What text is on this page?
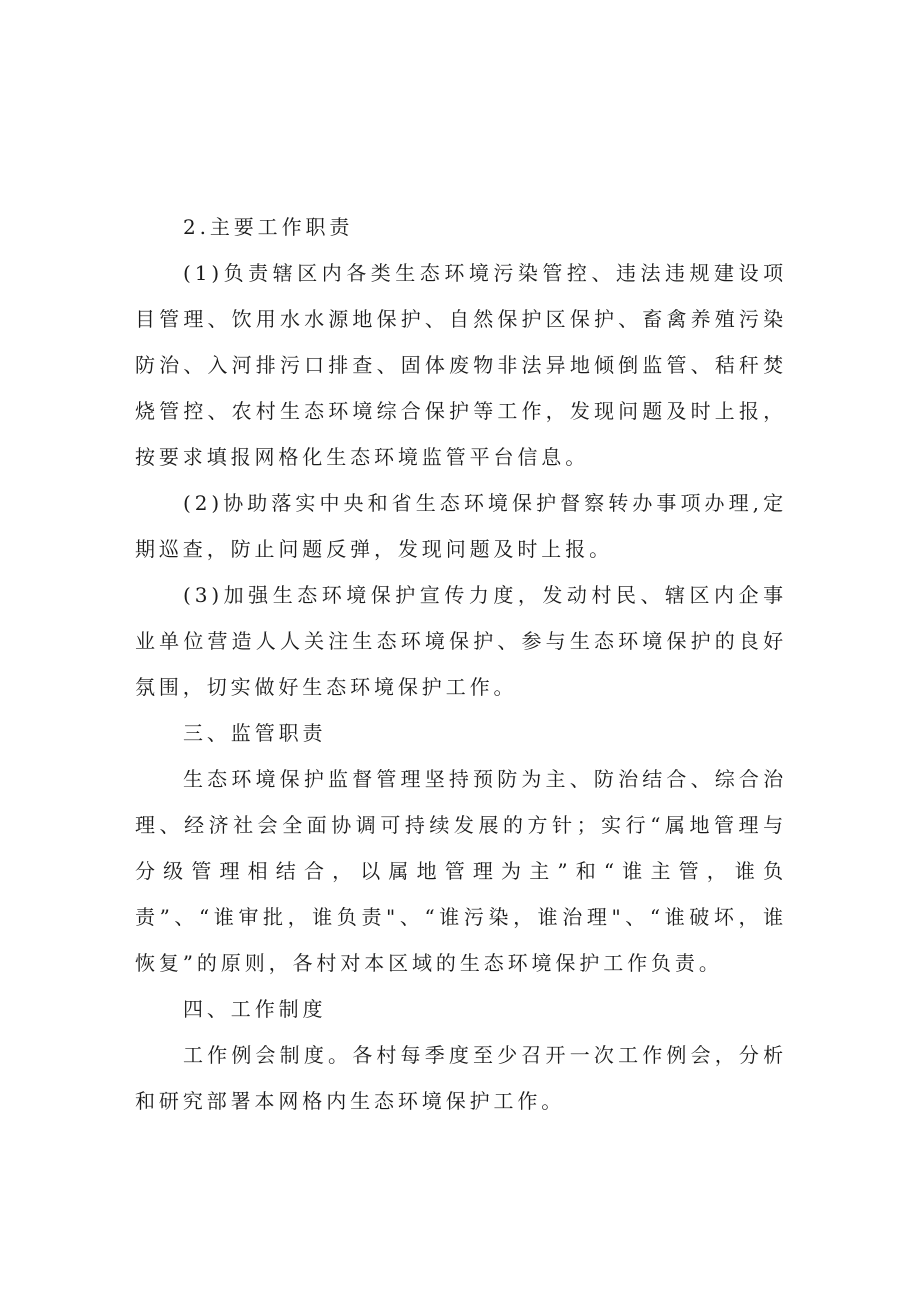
2.主要工作职责

(1)负责辖区内各类生态环境污染管控、违法违规建设项目管理、饮用水水源地保护、自然保护区保护、畜禽养殖污染防治、入河排污口排查、固体废物非法异地倾倒监管、秸秆焚烧管控、农村生态环境综合保护等工作，发现问题及时上报，按要求填报网格化生态环境监管平台信息。

(2)协助落实中央和省生态环境保护督察转办事项办理,定期巡查，防止问题反弹，发现问题及时上报。

(3)加强生态环境保护宣传力度，发动村民、辖区内企事业单位营造人人关注生态环境保护、参与生态环境保护的良好氛围，切实做好生态环境保护工作。

三、监管职责

生态环境保护监督管理坚持预防为主、防治结合、综合治理、经济社会全面协调可持续发展的方针；实行“属地管理与分级管理相结合，以属地管理为主”和“谁主管，谁负责”、“谁审批，谁负责"、“谁污染，谁治理"、“谁破坏，谁恢复”的原则，各村对本区域的生态环境保护工作负责。

四、工作制度

工作例会制度。各村每季度至少召开一次工作例会，分析和研究部署本网格内生态环境保护工作。
